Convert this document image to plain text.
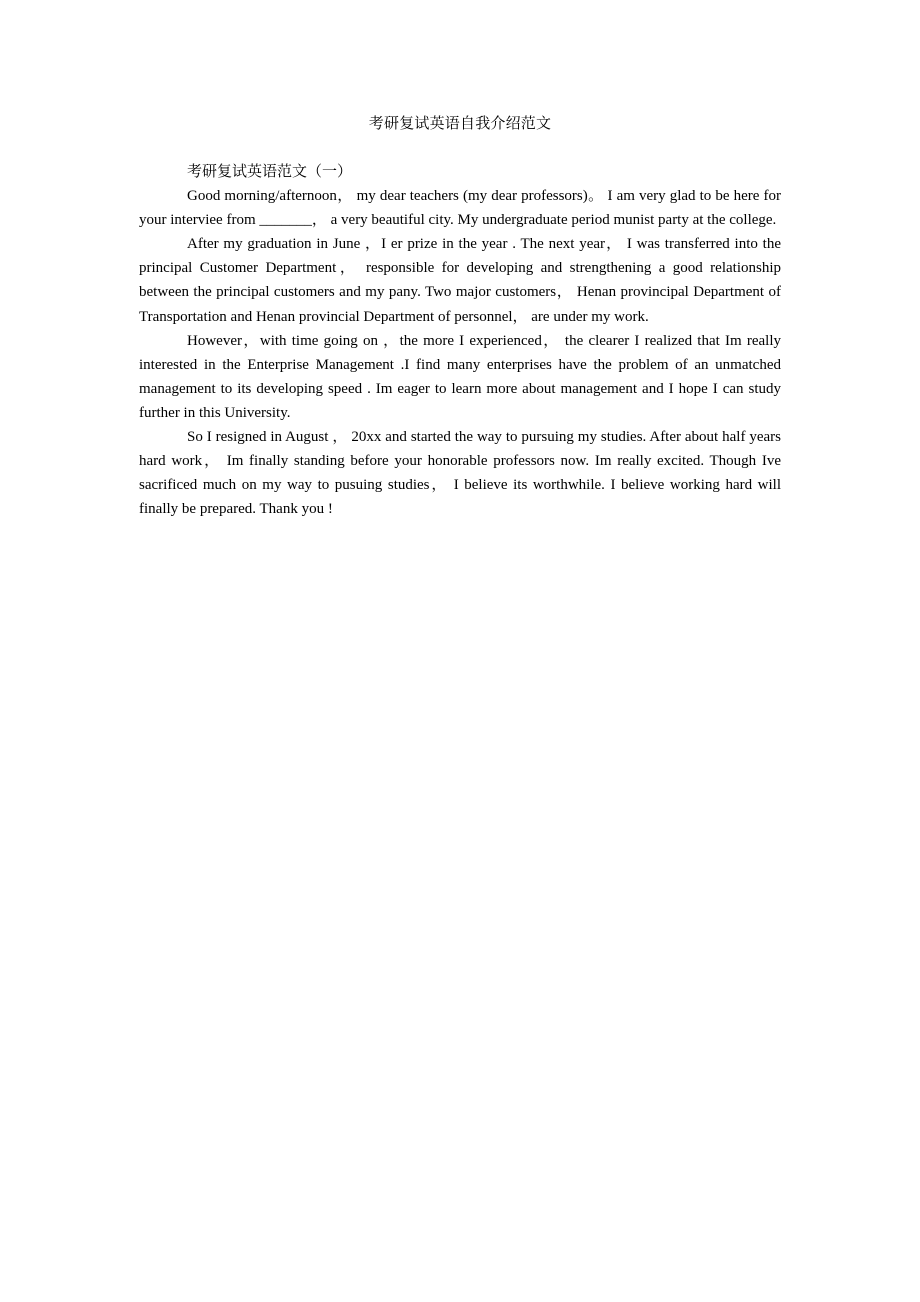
考研复试英语自我介绍范文

考研复试英语范文（一）

Good morning/afternoon， my dear teachers (my dear professors)。 I am very glad to be here for your interviee from _______， a very beautiful city. My undergraduate period munist party at the college.

After my graduation in June ，I er prize in the year . The next year， I was transferred into the principal Customer Department， responsible for developing and strengthening a good relationship between the principal customers and my pany. Two major customers， Henan provincipal Department of Transportation and Henan provincial Department of personnel， are under my work.

However，with time going on ，the more I experienced， the clearer I realized that Im really interested in the Enterprise Management .I find many enterprises have the problem of an unmatched management to its developing speed . Im eager to learn more about management and I hope I can study further in this University.

So I resigned in August ， 20xx and started the way to pursuing my studies. After about half years hard work， Im finally standing before your honorable professors now. Im really excited. Though Ive sacrificed much on my way to pusuing studies， I believe its worthwhile. I believe working hard will finally be prepared. Thank you !
